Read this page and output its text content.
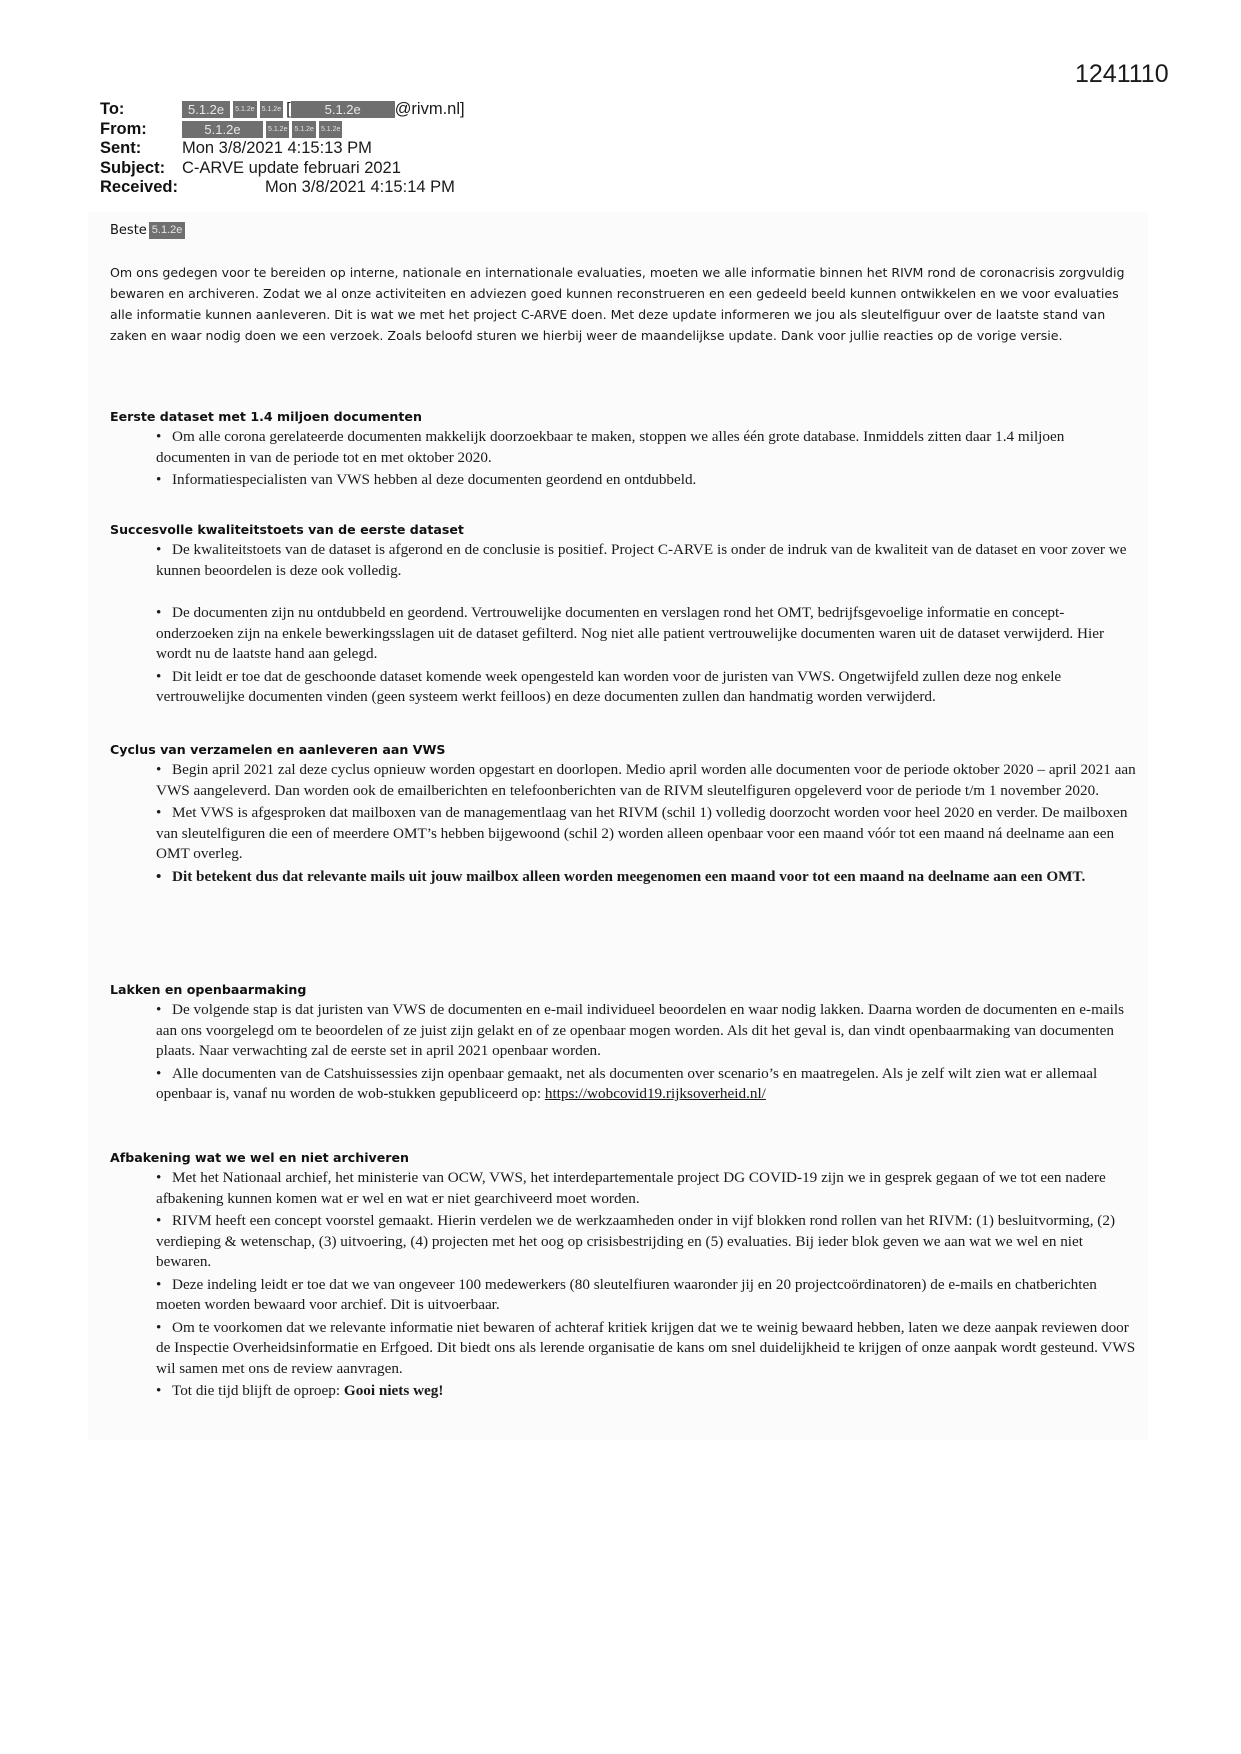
1241110
To:	5.1.2e	5.1.2e 5.1.2e [	5.1.2e	@rivm.nl]
From:	5.1.2e	5.1.2e 5.1.2e 5.1.2e
Sent:	Mon 3/8/2021 4:15:13 PM
Subject:	C-ARVE update februari 2021
Received:	Mon 3/8/2021 4:15:14 PM
Beste 5.1.2e
Om ons gedegen voor te bereiden op interne, nationale en internationale evaluaties, moeten we alle informatie binnen het RIVM rond de coronacrisis zorgvuldig bewaren en archiveren. Zodat we al onze activiteiten en adviezen goed kunnen reconstrueren en een gedeeld beeld kunnen ontwikkelen en we voor evaluaties alle informatie kunnen aanleveren. Dit is wat we met het project C-ARVE doen. Met deze update informeren we jou als sleutelfiguur over de laatste stand van zaken en waar nodig doen we een verzoek. Zoals beloofd sturen we hierbij weer de maandelijkse update. Dank voor jullie reacties op de vorige versie.
Eerste dataset met 1.4 miljoen documenten
• Om alle corona gerelateerde documenten makkelijk doorzoekbaar te maken, stoppen we alles één grote database. Inmiddels zitten daar 1.4 miljoen documenten in van de periode tot en met oktober 2020.
• Informatiespecialisten van VWS hebben al deze documenten geordend en ontdubbeld.
Succesvolle kwaliteitstoets van de eerste dataset
• De kwaliteitstoets van de dataset is afgerond en de conclusie is positief. Project C-ARVE is onder de indruk van de kwaliteit van de dataset en voor zover we kunnen beoordelen is deze ook volledig.
• De documenten zijn nu ontdubbeld en geordend. Vertrouwelijke documenten en verslagen rond het OMT, bedrijfsgevoelige informatie en concept-onderzoeken zijn na enkele bewerkingsslagen uit de dataset gefilterd. Nog niet alle patient vertrouwelijke documenten waren uit de dataset verwijderd. Hier wordt nu de laatste hand aan gelegd.
• Dit leidt er toe dat de geschoonde dataset komende week opengesteld kan worden voor de juristen van VWS. Ongetwijfeld zullen deze nog enkele vertrouwelijke documenten vinden (geen systeem werkt feilloos) en deze documenten zullen dan handmatig worden verwijderd.
Cyclus van verzamelen en aanleveren aan VWS
• Begin april 2021 zal deze cyclus opnieuw worden opgestart en doorlopen. Medio april worden alle documenten voor de periode oktober 2020 – april 2021 aan VWS aangeleverd. Dan worden ook de emailberichten en telefoonberichten van de RIVM sleutelfiguren opgeleverd voor de periode t/m 1 november 2020.
• Met VWS is afgesproken dat mailboxen van de managementlaag van het RIVM (schil 1) volledig doorzocht worden voor heel 2020 en verder. De mailboxen van sleutelfiguren die een of meerdere OMT’s hebben bijgewoond (schil 2) worden alleen openbaar voor een maand vóór tot een maand ná deelname aan een OMT overleg.
• Dit betekent dus dat relevante mails uit jouw mailbox alleen worden meegenomen een maand voor tot een maand na deelname aan een OMT.
Lakken en openbaarmaking
• De volgende stap is dat juristen van VWS de documenten en e-mail individueel beoordelen en waar nodig lakken. Daarna worden de documenten en e-mails aan ons voorgelegd om te beoordelen of ze juist zijn gelakt en of ze openbaar mogen worden. Als dit het geval is, dan vindt openbaarmaking van documenten plaats. Naar verwachting zal de eerste set in april 2021 openbaar worden.
• Alle documenten van de Catshuissessies zijn openbaar gemaakt, net als documenten over scenario’s en maatregelen. Als je zelf wilt zien wat er allemaal openbaar is, vanaf nu worden de wob-stukken gepubliceerd op: https://wobcovid19.rijksoverheid.nl/
Afbakening wat we wel en niet archiveren
• Met het Nationaal archief, het ministerie van OCW, VWS, het interdepartementale project DG COVID-19 zijn we in gesprek gegaan of we tot een nadere afbakening kunnen komen wat er wel en wat er niet gearchiveerd moet worden.
• RIVM heeft een concept voorstel gemaakt. Hierin verdelen we de werkzaamheden onder in vijf blokken rond rollen van het RIVM: (1) besluitvorming, (2) verdieping & wetenschap, (3) uitvoering, (4) projecten met het oog op crisisbestrijding en (5) evaluaties. Bij ieder blok geven we aan wat we wel en niet bewaren.
• Deze indeling leidt er toe dat we van ongeveer 100 medewerkers (80 sleutelfiuren waaronder jij en 20 projectcoördinatoren) de e-mails en chatberichten moeten worden bewaard voor archief. Dit is uitvoerbaar.
• Om te voorkomen dat we relevante informatie niet bewaren of achteraf kritiek krijgen dat we te weinig bewaard hebben, laten we deze aanpak reviewen door de Inspectie Overheidsinformatie en Erfgoed. Dit biedt ons als lerende organisatie de kans om snel duidelijkheid te krijgen of onze aanpak wordt gesteund. VWS wil samen met ons de review aanvragen.
• Tot die tijd blijft de oproep: Gooi niets weg!
